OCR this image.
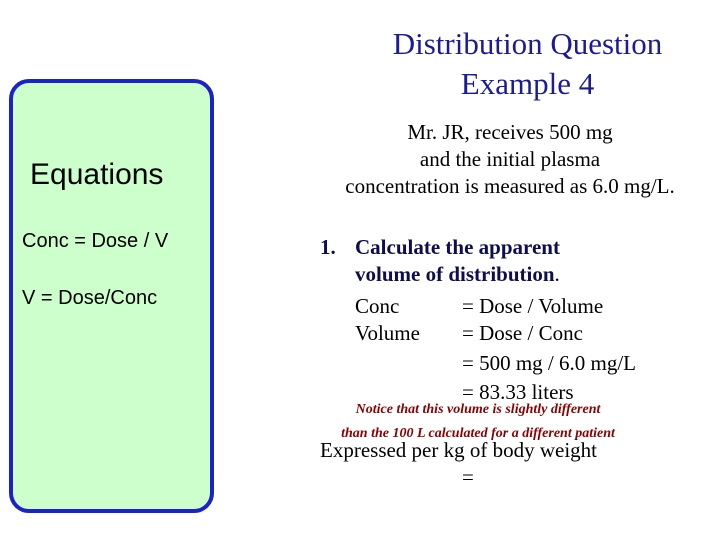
Distribution Question
Example 4
Equations
Conc = Dose / V
V = Dose/Conc
Mr. JR, receives 500 mg
and the initial plasma
concentration is measured as 6.0 mg/L.
1. Calculate the apparent
volume of distribution.
Conc	= Dose / Volume
Volume = Dose / Conc
= 500 mg / 6.0 mg/L
= 83.33 liters
Notice that this volume is slightly different
than the 100 L calculated for a different patient
Expressed per kg of body weight
=
